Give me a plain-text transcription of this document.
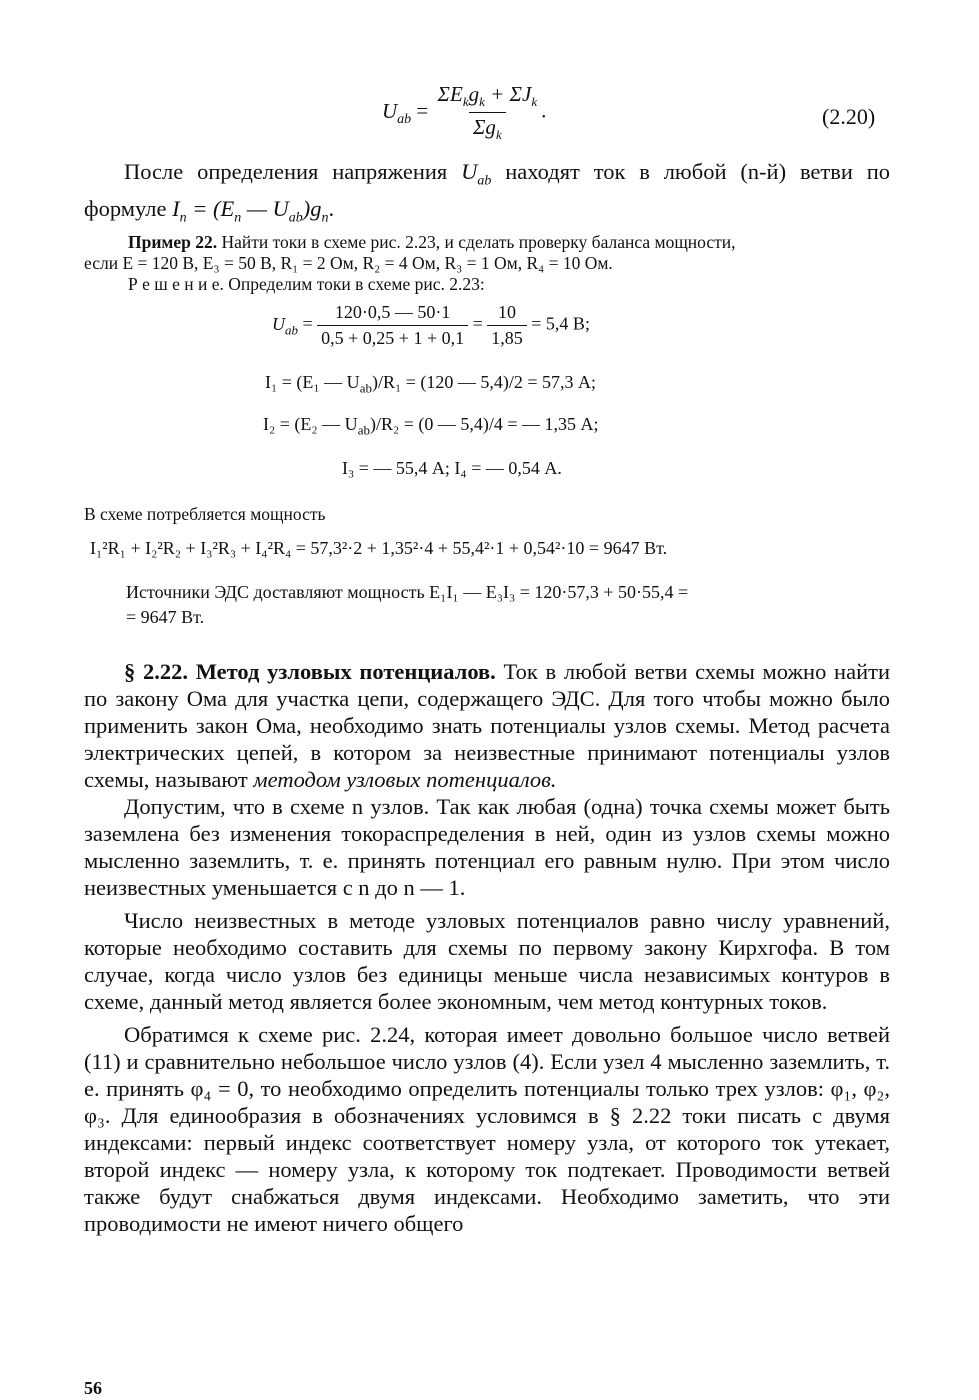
$U_{ab} = \frac{\Sigma E_kg_k + \Sigma J_k}{\Sigma g_k}$ .	(2.20)

После определения напряжения $U_{ab}$ находят ток в любой (n-й) ветви по формуле $I_n = (E_n$ — $U_{ab})g_n$.

Пример 22. Найти токи в схеме рис. 2.23, и сделать проверку баланса мощности,
если E = 120 В, E₃ = 50 В, R₁ = 2 Ом, R₂ = 4 Ом, R₃ = 1 Ом, R₄ = 10 Ом.
Р е ш е н и е. Определим токи в схеме рис. 2.23:
$U_{ab} = \frac{120\cdot 0,5 — 50\cdot 1}{0,5 + 0,25 + 1 + 0,1} = \frac{10}{1,85} = 5,4$ В;
I₁ = (E₁ — $U_{ab})/R_1 = (120$ — 5,4)/2 = 57,3 А;
I₂ = (E₂ — $U_{ab})/R_2 = (0$ — 5,4)/4 = — 1,35 А;
I₃ = — 55,4 А; I₄ = — 0,54 А.
В схеме потребляется мощность
I₁²R₁ + I₂²R₂ + I₃²R₃ + I₄²R₄ = 57,3²·2 + 1,35²·4 + 55,4²·1 + 0,54²·10 = 9647 Вт.
Источники ЭДС доставляют мощность E₁I₁ — E₃I₃ = 120·57,3 + 50·55,4 =
= 9647 Вт.

§ 2.22. Метод узловых потенциалов. Ток в любой ветви схемы можно найти по закону Ома для участка цепи, содержащего ЭДС. Для того чтобы можно было применить закон Ома, необходимо знать потенциалы узлов схемы. Метод расчета электрических цепей, в котором за неизвестные принимают потенциалы узлов схемы, называют методом узловых потенциалов.

Допустим, что в схеме n узлов. Так как любая (одна) точка схемы может быть заземлена без изменения токораспределения в ней, один из узлов схемы можно мысленно заземлить, т. е. принять потенциал его равным нулю. При этом число неизвестных уменьшается с n до n — 1.

Число неизвестных в методе узловых потенциалов равно числу уравнений, которые необходимо составить для схемы по первому закону Кирхгофа. В том случае, когда число узлов без единицы меньше числа независимых контуров в схеме, данный метод является более экономным, чем метод контурных токов.

Обратимся к схеме рис. 2.24, которая имеет довольно большое число ветвей (11) и сравнительно небольшое число узлов (4). Если узел 4 мысленно заземлить, т. е. принять φ₄ = 0, то необходимо определить потенциалы только трех узлов: φ₁, φ₂, φ₃. Для единообразия в обозначениях условимся в § 2.22 токи писать с двумя индексами: первый индекс соответствует номеру узла, от которого ток утекает, второй индекс — номеру узла, к которому ток подтекает. Проводимости ветвей также будут снабжаться двумя индексами. Необходимо заметить, что эти проводимости не имеют ничего общего

56
